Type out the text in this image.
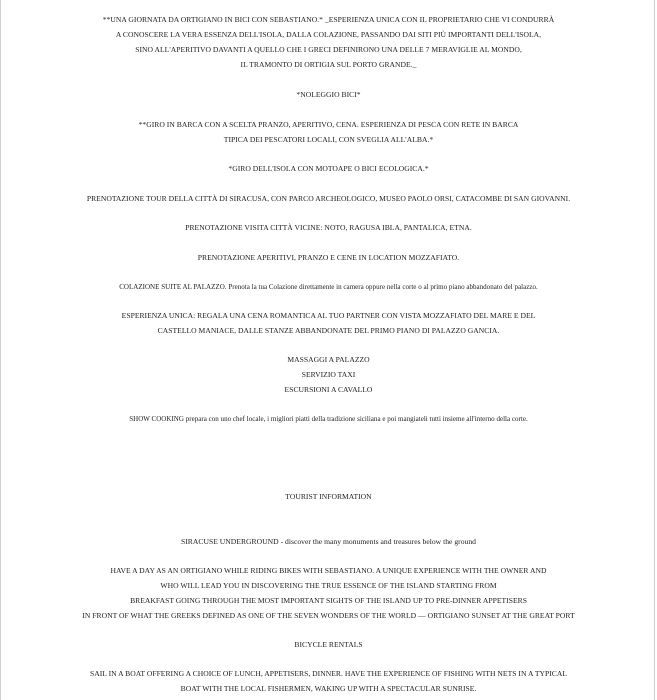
**UNA GIORNATA DA ORTIGIANO IN BICI CON SEBASTIANO.* _ESPERIENZA UNICA CON IL PROPRIETARIO CHE VI CONDURRÀ
A CONOSCERE LA VERA ESSENZA DELL'ISOLA, DALLA COLAZIONE, PASSANDO DAI SITI PIÙ IMPORTANTI DELL'ISOLA,
SINO ALL'APERITIVO DAVANTI A QUELLO CHE I GRECI DEFINIRONO UNA DELLE 7 MERAVIGLIE AL MONDO,
IL TRAMONTO DI ORTIGIA SUL PORTO GRANDE._
*NOLEGGIO BICI*
**GIRO IN BARCA CON A SCELTA PRANZO, APERITIVO, CENA. ESPERIENZA DI PESCA CON RETE IN BARCA
TIPICA DEI PESCATORI LOCALI, CON SVEGLIA ALL'ALBA.*
*GIRO DELL'ISOLA CON MOTOAPE O BICI ECOLOGICA.*
PRENOTAZIONE TOUR DELLA CITTÀ DI SIRACUSA, CON PARCO ARCHEOLOGICO, MUSEO PAOLO ORSI, CATACOMBE DI SAN GIOVANNI.
PRENOTAZIONE VISITA CITTÀ VICINE: NOTO, RAGUSA IBLA, PANTALICA, ETNA.
PRENOTAZIONE APERITIVI, PRANZO E CENE IN LOCATION MOZZAFIATO.
COLAZIONE SUITE AL PALAZZO. Prenota la tua Colazione direttamente in camera oppure nella corte o al primo piano abbandonato del palazzo.
ESPERIENZA UNICA: REGALA UNA CENA ROMANTICA AL TUO PARTNER CON VISTA MOZZAFIATO DEL MARE E DEL
CASTELLO MANIACE, DALLE STANZE ABBANDONATE DEL PRIMO PIANO DI PALAZZO GANCIA.
MASSAGGI A PALAZZO
SERVIZIO TAXI
ESCURSIONI A CAVALLO
SHOW COOKING prepara con uno chef locale, i migliori piatti della tradizione siciliana e poi mangiateli tutti insieme all'interno della corte.
TOURIST INFORMATION
SIRACUSE UNDERGROUND - discover the many monuments and treasures below the ground
HAVE A DAY AS AN ORTIGIANO WHILE RIDING BIKES WITH SEBASTIANO. A UNIQUE EXPERIENCE WITH THE OWNER AND
WHO WILL LEAD YOU IN DISCOVERING THE TRUE ESSENCE OF THE ISLAND STARTING FROM
BREAKFAST GOING THROUGH THE MOST IMPORTANT SIGHTS OF THE ISLAND UP TO PRE-DINNER APPETISERS
IN FRONT OF WHAT THE GREEKS DEFINED AS ONE OF THE SEVEN WONDERS OF THE WORLD — ORTIGIANO SUNSET AT THE GREAT PORT
BICYCLE RENTALS
SAIL IN A BOAT OFFERING A CHOICE OF LUNCH, APPETISERS, DINNER. HAVE THE EXPERIENCE OF FISHING WITH NETS IN A TYPICAL
BOAT WITH THE LOCAL FISHERMEN, WAKING UP WITH A SPECTACULAR SUNRISE.
